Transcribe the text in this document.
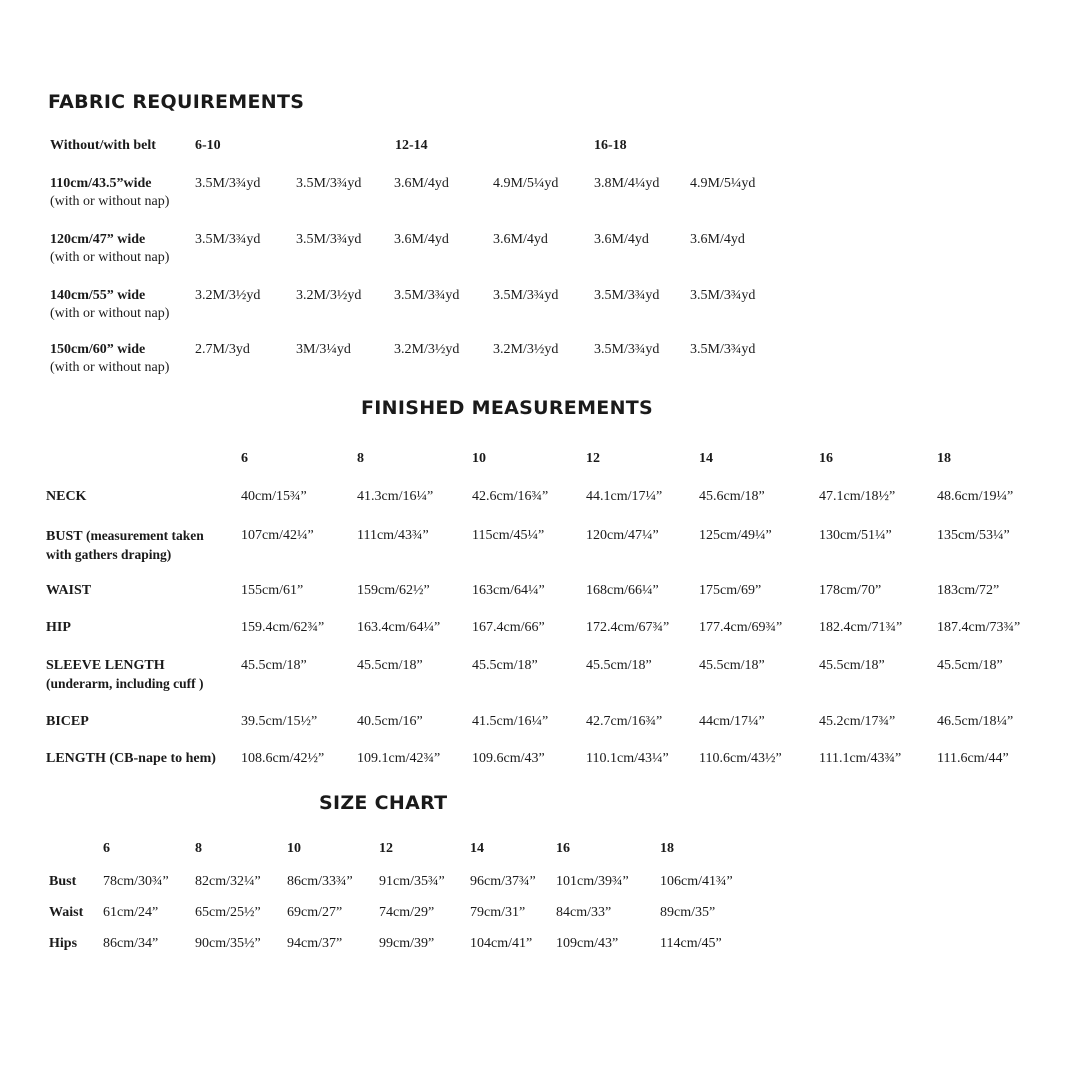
FABRIC REQUIREMENTS
Without/with belt	6-10	12-14	16-18
110cm/43.5”wide
(with or without nap)
3.5M/3¾yd	3.5M/3¾yd 3.6M/4yd	4.9M/5¼yd	3.8M/4¼yd 4.9M/5¼yd
120cm/47” wide
(with or without nap)
3.5M/3¾yd	3.5M/3¾yd 3.6M/4yd	3.6M/4yd	3.6M/4yd	3.6M/4yd
140cm/55” wide
(with or without nap)
3.2M/3½yd	3.2M/3½yd 3.5M/3¾yd 3.5M/3¾yd	3.5M/3¾yd 3.5M/3¾yd
150cm/60” wide
(with or without nap)
2.7M/3yd	3M/3¼yd	3.2M/3½yd 3.2M/3½yd	3.5M/3¾yd 3.5M/3¾yd
FINISHED MEASUREMENTS
6	8	10	12	14	16	18
NECK	40cm/15¾”	41.3cm/16¼”	42.6cm/16¾”	44.1cm/17¼”	45.6cm/18”	47.1cm/18½”	48.6cm/19¼”
BUST (measurement taken
with gathers draping)
107cm/42¼”	111cm/43¾”	115cm/45¼”	120cm/47¼”	125cm/49¼”	130cm/51¼”	135cm/53¼”
WAIST	155cm/61”	159cm/62½”	163cm/64¼”	168cm/66¼”	175cm/69”	178cm/70”	183cm/72”
HIP	159.4cm/62¾” 163.4cm/64¼” 167.4cm/66”	172.4cm/67¾” 177.4cm/69¾”	182.4cm/71¾” 187.4cm/73¾”
SLEEVE LENGTH
(underarm, including cuff )
45.5cm/18”	45.5cm/18”	45.5cm/18”	45.5cm/18”	45.5cm/18”	45.5cm/18”	45.5cm/18”
BICEP	39.5cm/15½”	40.5cm/16”	41.5cm/16¼”	42.7cm/16¾”	44cm/17¼”	45.2cm/17¾”	46.5cm/18¼”
LENGTH (CB-nape to hem) 108.6cm/42½” 109.1cm/42¾” 109.6cm/43”	110.1cm/43¼” 110.6cm/43½”	111.1cm/43¾”	111.6cm/44”
SIZE CHART
6	8	10	12	14	16	18
Bust 78cm/30¾” 82cm/32¼” 86cm/33¾” 91cm/35¾” 96cm/37¾” 101cm/39¾” 106cm/41¾”
Waist 61cm/24”	65cm/25½” 69cm/27”	74cm/29”	79cm/31” 84cm/33”	89cm/35”
Hips 86cm/34”	90cm/35½” 94cm/37”	99cm/39”	104cm/41” 109cm/43”	114cm/45”
